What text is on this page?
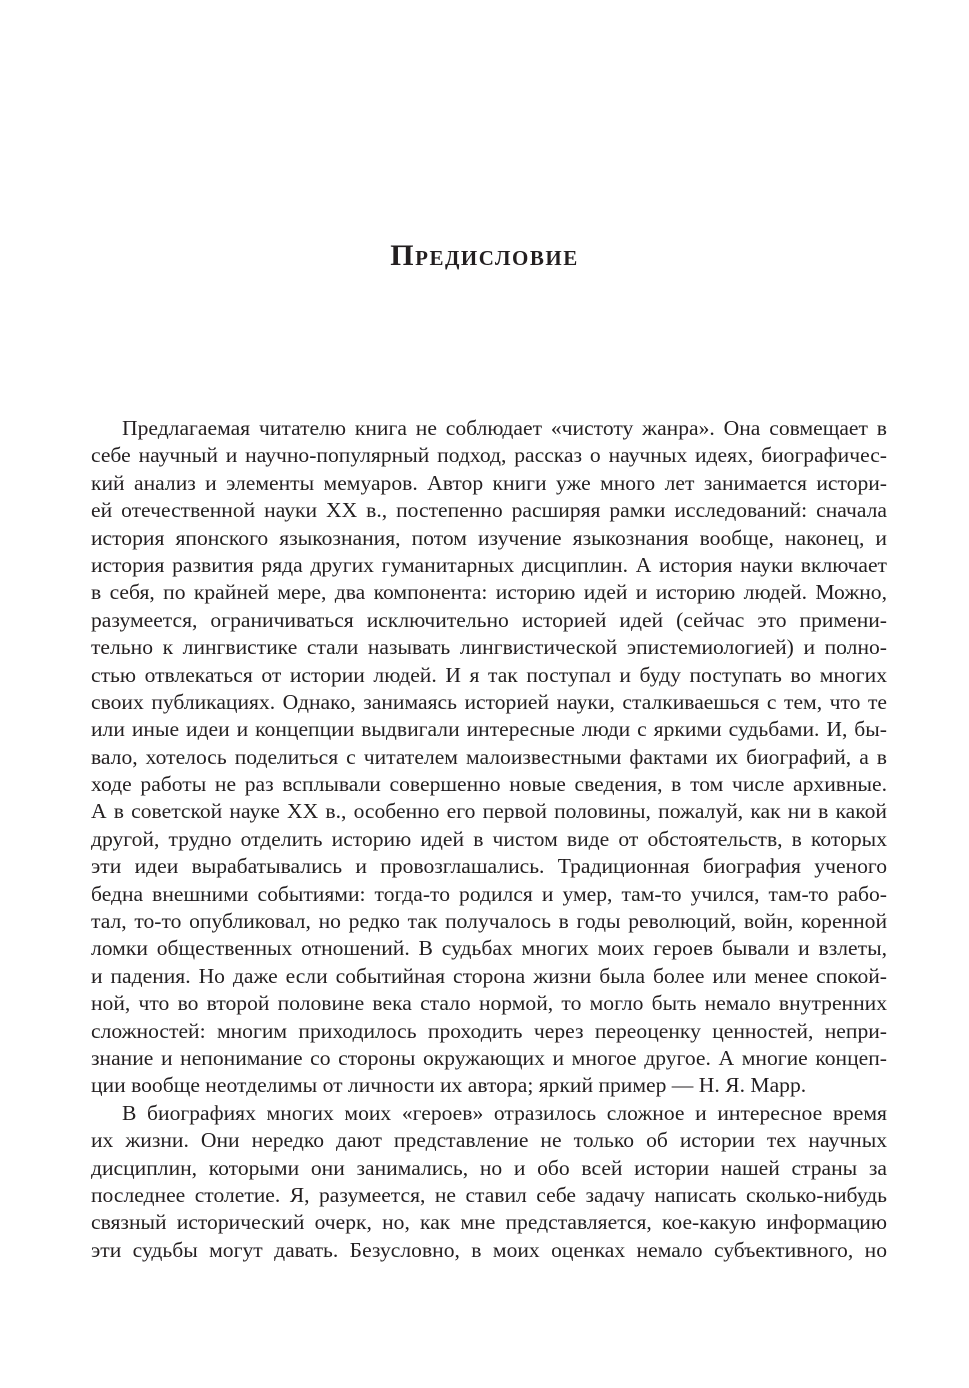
Предисловие
Предлагаемая читателю книга не соблюдает «чистоту жанра». Она совмещает в
себе научный и научно-популярный подход, рассказ о научных идеях, биографичес-
кий анализ и элементы мемуаров. Автор книги уже много лет занимается истори-
ей отечественной науки XX в., постепенно расширяя рамки исследований: сначала
история японского языкознания, потом изучение языкознания вообще, наконец, и
история развития ряда других гуманитарных дисциплин. А история науки включает
в себя, по крайней мере, два компонента: историю идей и историю людей. Можно,
разумеется, ограничиваться исключительно историей идей (сейчас это примени-
тельно к лингвистике стали называть лингвистической эпистемиологией) и полно-
стью отвлекаться от истории людей. И я так поступал и буду поступать во многих
своих публикациях. Однако, занимаясь историей науки, сталкиваешься с тем, что те
или иные идеи и концепции выдвигали интересные люди с яркими судьбами. И, бы-
вало, хотелось поделиться с читателем малоизвестными фактами их биографий, а в
ходе работы не раз всплывали совершенно новые сведения, в том числе архивные.
А в советской науке XX в., особенно его первой половины, пожалуй, как ни в какой
другой, трудно отделить историю идей в чистом виде от обстоятельств, в которых
эти идеи вырабатывались и провозглашались. Традиционная биография ученого
бедна внешними событиями: тогда-то родился и умер, там-то учился, там-то рабо-
тал, то-то опубликовал, но редко так получалось в годы революций, войн, коренной
ломки общественных отношений. В судьбах многих моих героев бывали и взлеты,
и падения. Но даже если событийная сторона жизни была более или менее спокой-
ной, что во второй половине века стало нормой, то могло быть немало внутренних
сложностей: многим приходилось проходить через переоценку ценностей, непри-
знание и непонимание со стороны окружающих и многое другое. А многие концеп-
ции вообще неотделимы от личности их автора; яркий пример — Н. Я. Марр.
В биографиях многих моих «героев» отразилось сложное и интересное время
их жизни. Они нередко дают представление не только об истории тех научных
дисциплин, которыми они занимались, но и обо всей истории нашей страны за
последнее столетие. Я, разумеется, не ставил себе задачу написать сколько-нибудь
связный исторический очерк, но, как мне представляется, кое-какую информацию
эти судьбы могут давать. Безусловно, в моих оценках немало субъективного, но
